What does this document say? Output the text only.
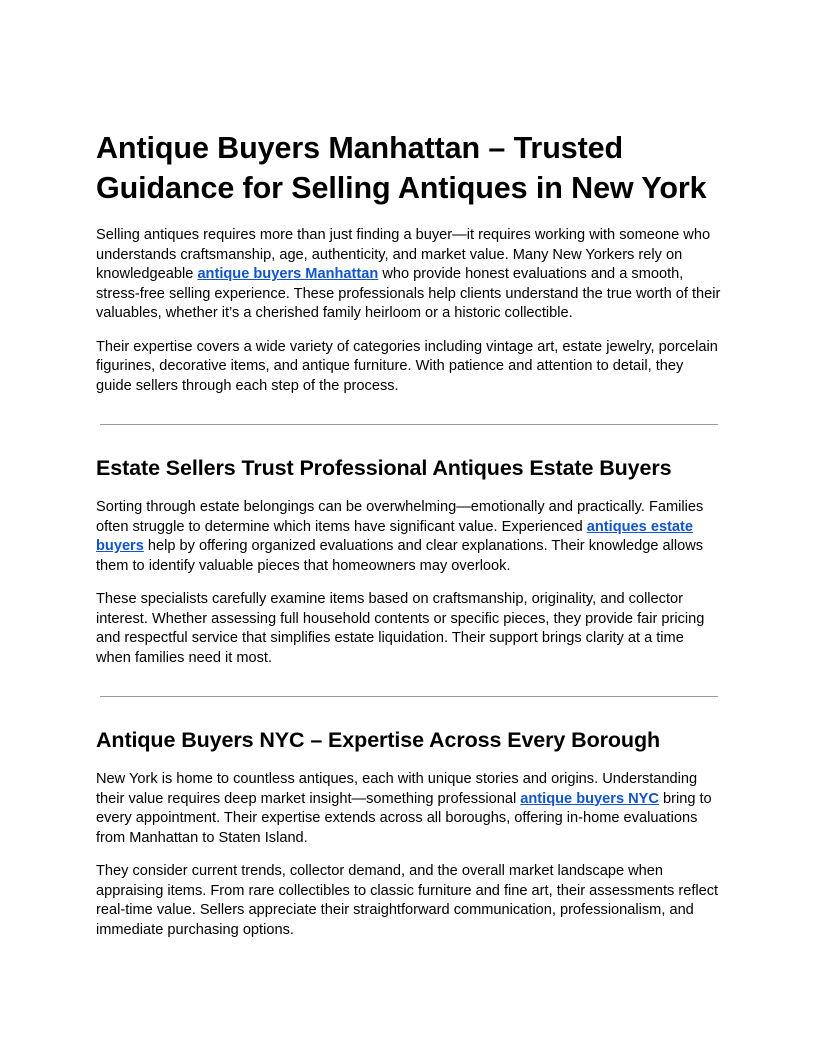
Antique Buyers Manhattan – Trusted Guidance for Selling Antiques in New York

Selling antiques requires more than just finding a buyer—it requires working with someone who understands craftsmanship, age, authenticity, and market value. Many New Yorkers rely on knowledgeable antique buyers Manhattan who provide honest evaluations and a smooth, stress-free selling experience. These professionals help clients understand the true worth of their valuables, whether it’s a cherished family heirloom or a historic collectible.

Their expertise covers a wide variety of categories including vintage art, estate jewelry, porcelain figurines, decorative items, and antique furniture. With patience and attention to detail, they guide sellers through each step of the process.

Estate Sellers Trust Professional Antiques Estate Buyers

Sorting through estate belongings can be overwhelming—emotionally and practically. Families often struggle to determine which items have significant value. Experienced antiques estate buyers help by offering organized evaluations and clear explanations. Their knowledge allows them to identify valuable pieces that homeowners may overlook.

These specialists carefully examine items based on craftsmanship, originality, and collector interest. Whether assessing full household contents or specific pieces, they provide fair pricing and respectful service that simplifies estate liquidation. Their support brings clarity at a time when families need it most.

Antique Buyers NYC – Expertise Across Every Borough

New York is home to countless antiques, each with unique stories and origins. Understanding their value requires deep market insight—something professional antique buyers NYC bring to every appointment. Their expertise extends across all boroughs, offering in-home evaluations from Manhattan to Staten Island.

They consider current trends, collector demand, and the overall market landscape when appraising items. From rare collectibles to classic furniture and fine art, their assessments reflect real-time value. Sellers appreciate their straightforward communication, professionalism, and immediate purchasing options.
